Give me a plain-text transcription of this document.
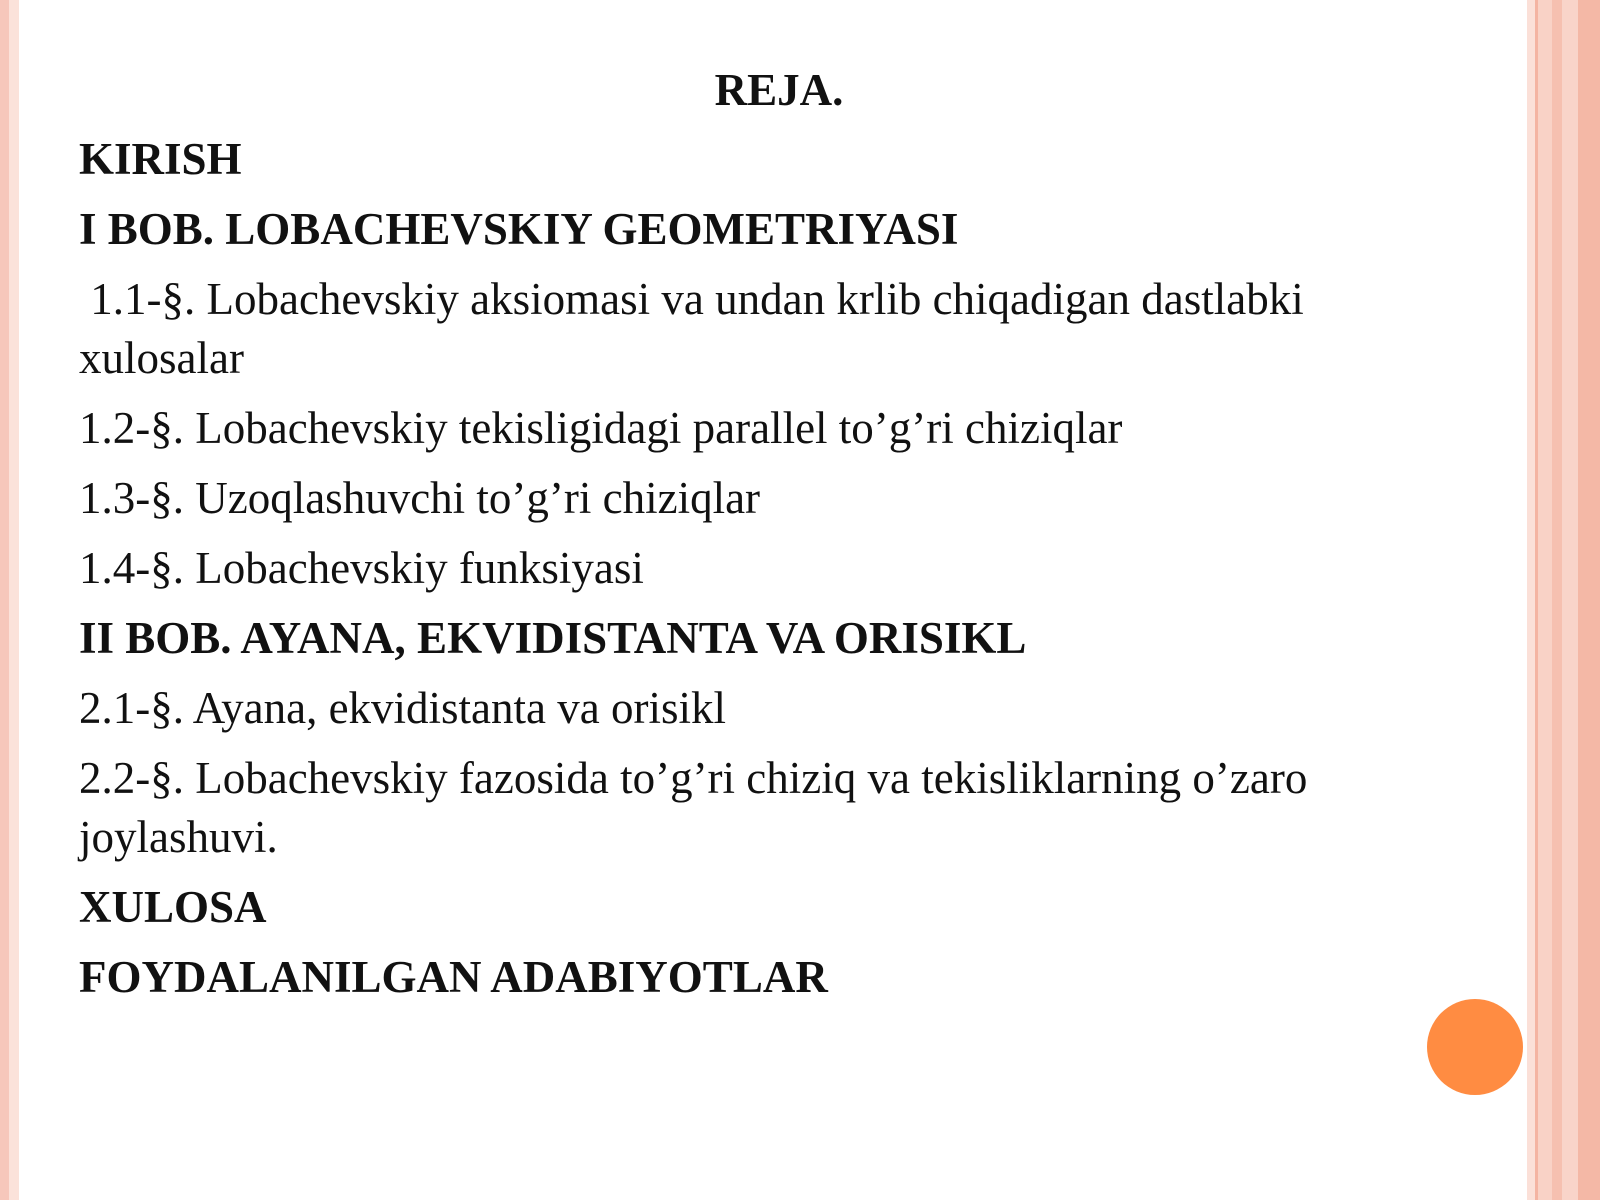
REJA.
KIRISH
I BOB. LOBACHEVSKIY GEOMETRIYASI
1.1-§. Lobachevskiy aksiomasi va undan krlib chiqadigan dastlabki xulosalar
1.2-§. Lobachevskiy tekisligidagi parallel to’g’ri chiziqlar
1.3-§. Uzoqlashuvchi to’g’ri chiziqlar
1.4-§. Lobachevskiy funksiyasi
II BOB. AYANA, EKVIDISTANTA VA ORISIKL
2.1-§. Ayana, ekvidistanta va orisikl
2.2-§. Lobachevskiy fazosida to’g’ri chiziq va tekisliklarning o’zaro joylashuvi.
XULOSA
FOYDALANILGAN ADABIYOTLAR
